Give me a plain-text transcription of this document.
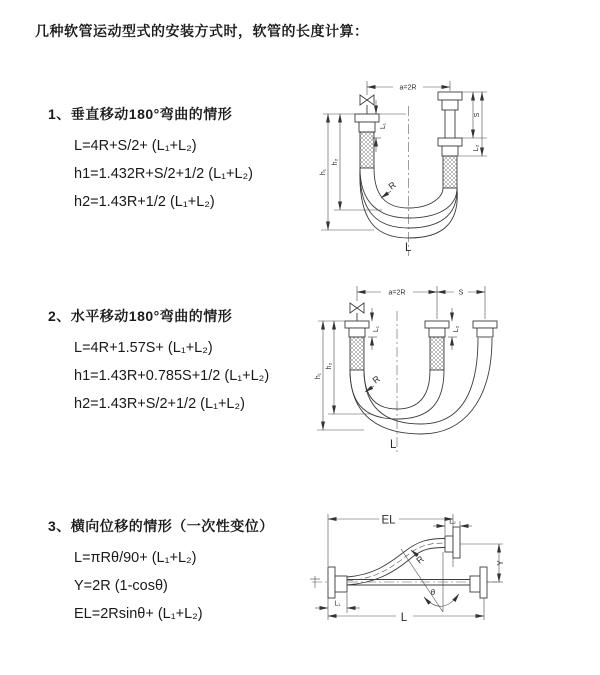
几种软管运动型式的安装方式时，软管的长度计算：
1、垂直移动180°弯曲的情形
L=4R+S/2+ (L₁+L₂)
h1=1.432R+S/2+1/2 (L₁+L₂)
h2=1.43R+1/2 (L₁+L₂)
2、水平移动180°弯曲的情形
L=4R+1.57S+ (L₁+L₂)
h1=1.43R+0.785S+1/2 (L₁+L₂)
h2=1.43R+S/2+1/2 (L₁+L₂)
3、横向位移的情形（一次性变位）
L=πRθ/90+ (L₁+L₂)
Y=2R (1-cosθ)
EL=2Rsinθ+ (L₁+L₂)
a=2R
L₁
S
L₂
h₁
h₂
R
L
a=2R	S
L₁	L₂
h₁
h₂
R
L
EL	L₂
θ
R	Y
L₁
L
